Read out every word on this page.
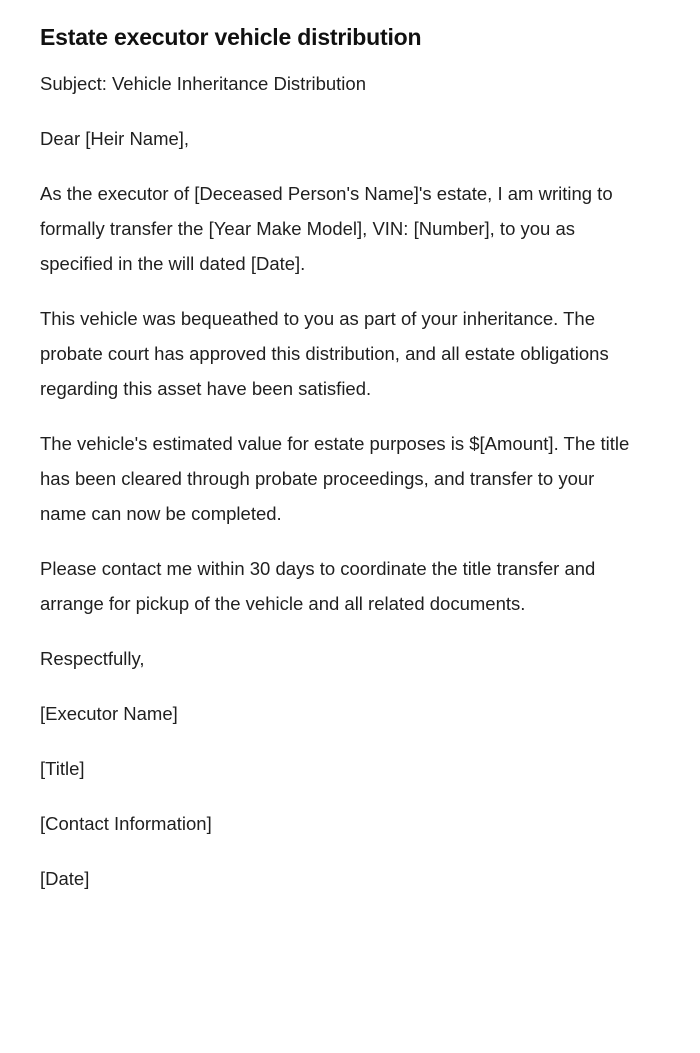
Estate executor vehicle distribution

Subject: Vehicle Inheritance Distribution

Dear [Heir Name],

As the executor of [Deceased Person's Name]'s estate, I am writing to formally transfer the [Year Make Model], VIN: [Number], to you as specified in the will dated [Date].

This vehicle was bequeathed to you as part of your inheritance. The probate court has approved this distribution, and all estate obligations regarding this asset have been satisfied.

The vehicle's estimated value for estate purposes is $[Amount]. The title has been cleared through probate proceedings, and transfer to your name can now be completed.

Please contact me within 30 days to coordinate the title transfer and arrange for pickup of the vehicle and all related documents.

Respectfully,

[Executor Name]

[Title]

[Contact Information]

[Date]
